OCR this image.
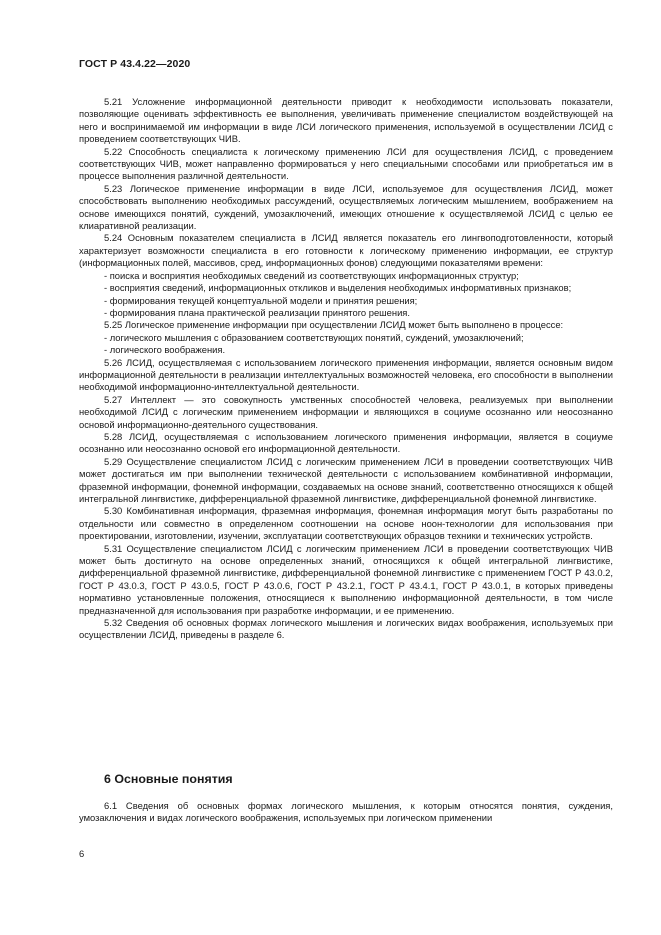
ГОСТ Р 43.4.22—2020

5.21 Усложнение информационной деятельности приводит к необходимости использовать показатели, позволяющие оценивать эффективность ее выполнения, увеличивать применение специалистом воздействующей на него и воспринимаемой им информации в виде ЛСИ логического применения, используемой в осуществлении ЛСИД с проведением соответствующих ЧИВ.

5.22 Способность специалиста к логическому применению ЛСИ для осуществления ЛСИД, с проведением соответствующих ЧИВ, может направленно формироваться у него специальными способами или приобретаться им в процессе выполнения различной деятельности.

5.23 Логическое применение информации в виде ЛСИ, используемое для осуществления ЛСИД, может способствовать выполнению необходимых рассуждений, осуществляемых логическим мышлением, воображением на основе имеющихся понятий, суждений, умозаключений, имеющих отношение к осуществляемой ЛСИД с целью ее клиаративной реализации.

5.24 Основным показателем специалиста в ЛСИД является показатель его лингвоподготовленности, который характеризует возможности специалиста в его готовности к логическому применению информации, ее структур (информационных полей, массивов, сред, информационных фонов) следующими показателями времени:

- поиска и восприятия необходимых сведений из соответствующих информационных структур;

- восприятия сведений, информационных откликов и выделения необходимых информативных признаков;

- формирования текущей концептуальной модели и принятия решения;

- формирования плана практической реализации принятого решения.

5.25 Логическое применение информации при осуществлении ЛСИД может быть выполнено в процессе:

- логического мышления с образованием соответствующих понятий, суждений, умозаключений;

- логического воображения.

5.26 ЛСИД, осуществляемая с использованием логического применения информации, является основным видом информационной деятельности в реализации интеллектуальных возможностей человека, его способности в выполнении необходимой информационно-интеллектуальной деятельности.

5.27 Интеллект — это совокупность умственных способностей человека, реализуемых при выполнении необходимой ЛСИД с логическим применением информации и являющихся в социуме осознанно или неосознанно основой информационно-деятельного существования.

5.28 ЛСИД, осуществляемая с использованием логического применения информации, является в социуме осознанно или неосознанно основой его информационной деятельности.

5.29 Осуществление специалистом ЛСИД с логическим применением ЛСИ в проведении соответствующих ЧИВ может достигаться им при выполнении технической деятельности с использованием комбинативной информации, фраземной информации, фонемной информации, создаваемых на основе знаний, соответственно относящихся к общей интегральной лингвистике, дифференциальной фраземной лингвистике, дифференциальной фонемной лингвистике.

5.30 Комбинативная информация, фраземная информация, фонемная информация могут быть разработаны по отдельности или совместно в определенном соотношении на основе ноон-технологии для использования при проектировании, изготовлении, изучении, эксплуатации соответствующих образцов техники и технических устройств.

5.31 Осуществление специалистом ЛСИД с логическим применением ЛСИ в проведении соответствующих ЧИВ может быть достигнуто на основе определенных знаний, относящихся к общей интегральной лингвистике, дифференциальной фраземной лингвистике, дифференциальной фонемной лингвистике с применением ГОСТ Р 43.0.2, ГОСТ Р 43.0.3, ГОСТ Р 43.0.5, ГОСТ Р 43.0.6, ГОСТ Р 43.2.1, ГОСТ Р 43.4.1, ГОСТ Р 43.0.1, в которых приведены нормативно установленные положения, относящиеся к выполнению информационной деятельности, в том числе предназначенной для использования при разработке информации, и ее применению.

5.32 Сведения об основных формах логического мышления и логических видах воображения, используемых при осуществлении ЛСИД, приведены в разделе 6.

6 Основные понятия

6.1 Сведения об основных формах логического мышления, к которым относятся понятия, суждения, умозаключения и видах логического воображения, используемых при логическом применении

6
